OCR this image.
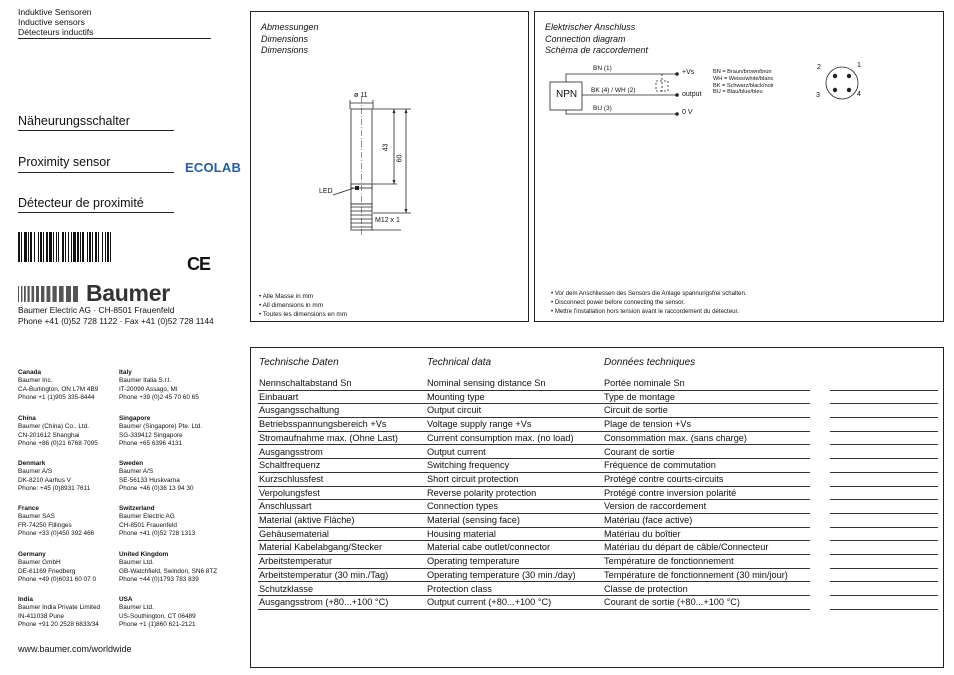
Induktive Sensoren
Inductive sensors
Détecteurs inductifs
Näheurungsschalter
Proximity sensor
Détecteur de proximité
ECOLAB
CE
Baumer
Baumer Electric AG · CH-8501 Frauenfeld
Phone +41 (0)52 728 1122 · Fax +41 (0)52 728 1144
Canada
Baumer Inc.
CA-Burlington, ON L7M 4B9
Phone +1 (1)905 335-8444
Italy
Baumer Italia S.r.l.
IT-20090 Assago, MI
Phone +39 (0)2 45 70 60 65
China
Baumer (China) Co., Ltd.
CN-201612 Shanghai
Phone +86 (0)21 6768 7095
Singapore
Baumer (Singapore) Pte. Ltd.
SG-339412 Singapore
Phone +65 6396 4131
Denmark
Baumer A/S
DK-8210 Aarhus V
Phone: +45 (0)8931 7611
Sweden
Baumer A/S
SE-56133 Huskvarna
Phone +46 (0)36 13 94 30
France
Baumer SAS
FR-74250 Fillinges
Phone +33 (0)450 392 466
Switzerland
Baumer Electric AG
CH-8501 Frauenfeld
Phone +41 (0)52 728 1313
Germany
Baumer GmbH
DE-61169 Friedberg
Phone +49 (0)6031 60 07 0
United Kingdom
Baumer Ltd.
GB-Watchfield, Swindon, SN6 8TZ
Phone +44 (0)1793 783 839
India
Baumer India Private Limited
IN-411038 Pune
Phone +91 20 2528 6833/34
USA
Baumer Ltd.
US-Southington, CT 06489
Phone +1 (1)860 621-2121
www.baumer.com/worldwide
Abmessungen
Dimensions
Dimensions
ø 11
43
60
LED
M12 x 1
• Alle Masse in mm
• All dimensions in mm
• Toutes les dimensions en mm
Elektrischer Anschluss
Connection diagram
Schéma de raccordement
NPN
BN (1)
BK (4) / WH (2)
BU (3)
+Vs
output
0 V
BN = Braun/brown/brun
WH = Weiss/white/blanc
BK = Schwarz/black/noir
BU = Blau/blue/bleu
1
2
3	4
• Vor dem Anschliessen des Sensors die Anlage spannungsfrei schalten.
• Disconnect power before connecting the sensor.
• Mettre l'installation hors tension avant le raccordement du détecteur.
Technische Daten	Technical data	Données techniques
Nennschaltabstand Sn	Nominal sensing distance Sn	Portée nominale Sn
Einbauart	Mounting type	Type de montage
Ausgangsschaltung	Output circuit	Circuit de sortie
Betriebsspannungsbereich +Vs	Voltage supply range +Vs	Plage de tension +Vs
Stromaufnahme max. (Ohne Last)	Current consumption max. (no load)	Consommation max. (sans charge)
Ausgangsstrom	Output current	Courant de sortie
Schaltfrequenz	Switching frequency	Fréquence de commutation
Kurzschlussfest	Short circuit protection	Protégé contre courts-circuits
Verpolungsfest	Reverse polarity protection	Protégé contre inversion polarité
Anschlussart	Connection types	Version de raccordement
Material (aktive Fläche)	Material (sensing face)	Matériau (face active)
Gehäusematerial	Housing material	Matériau du boîtier
Material Kabelabgang/Stecker	Material cabe outlet/connector	Matériau du départ de câble/Connecteur
Arbeitstemperatur	Operating temperature	Température de fonctionnement
Arbeitstemperatur (30 min./Tag)	Operating temperature (30 min./day)	Température de fonctionnement (30 min/jour)
Schutzklasse	Protection class	Classe de protection
Ausgangsstrom (+80...+100 °C)	Output current (+80...+100 °C)	Courant de sortie (+80...+100 °C)
